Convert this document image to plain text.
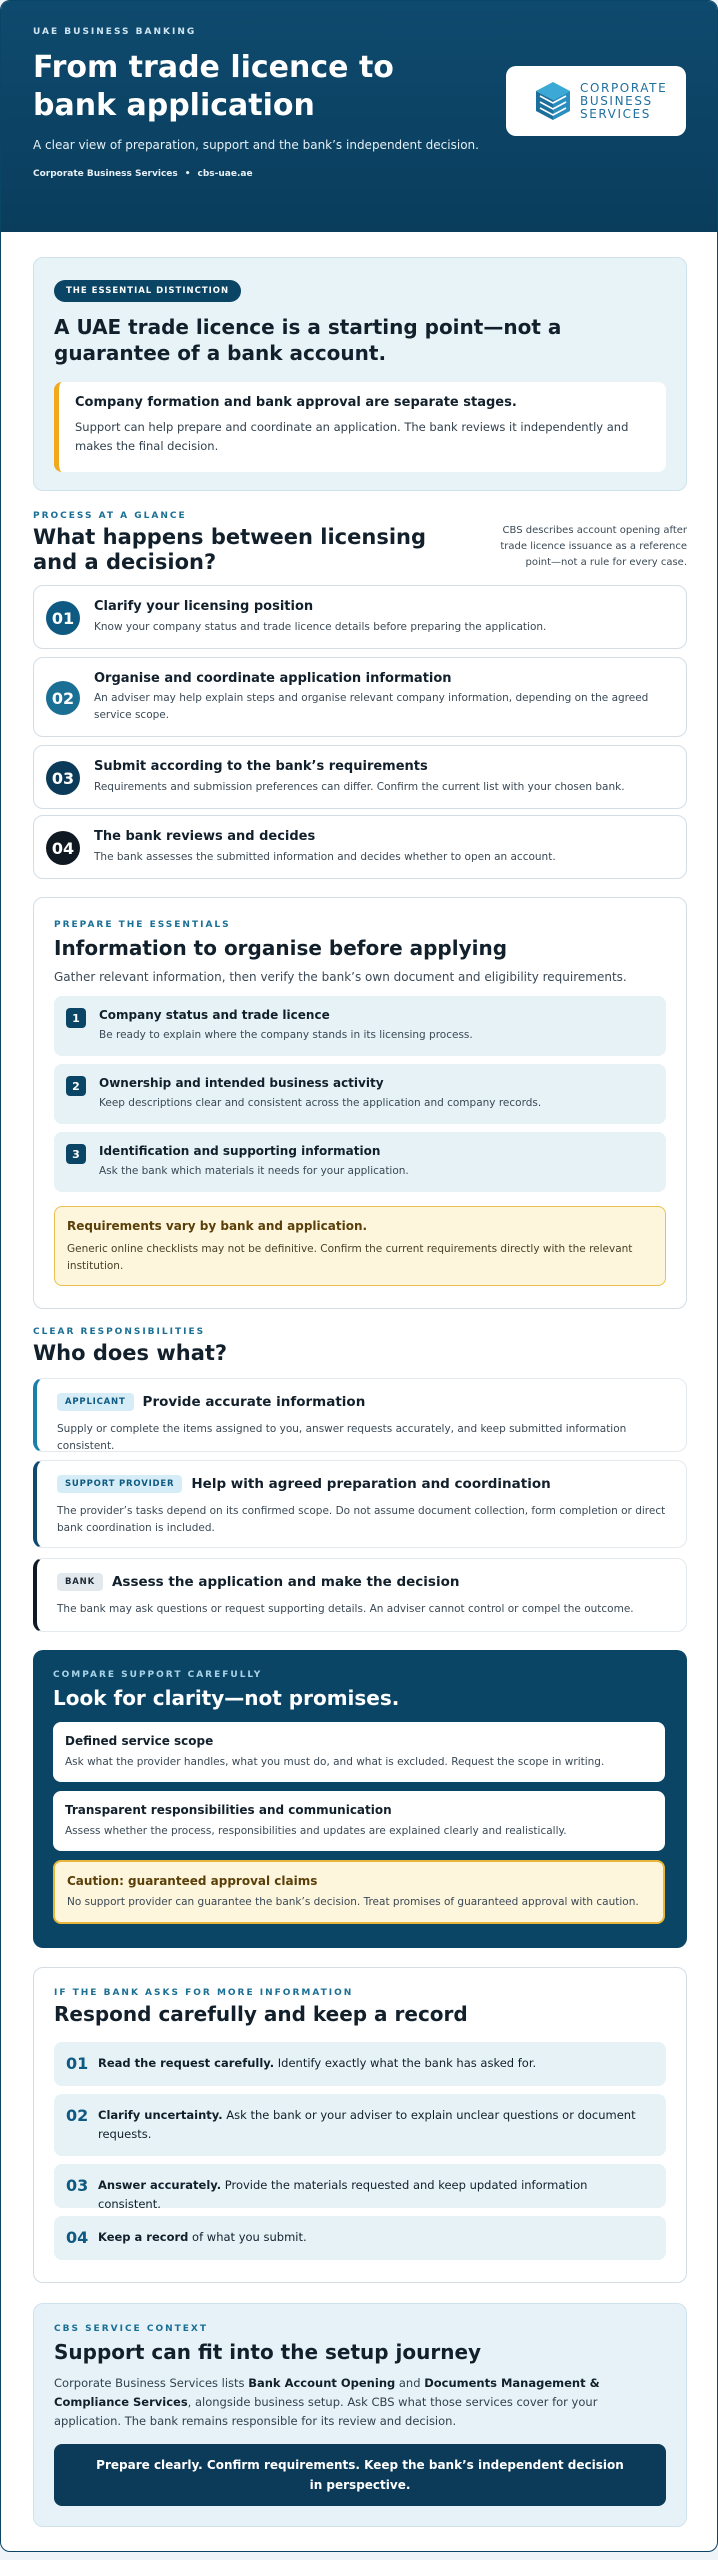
UAE BUSINESS BANKING
From trade licence to bank application
A clear view of preparation, support and the bank’s independent decision.
Corporate Business Services • cbs-uae.ae
CORPORATE
BUSINESS
SERVICES
THE ESSENTIAL DISTINCTION
A UAE trade licence is a starting point—not a guarantee of a bank account.
Company formation and bank approval are separate stages.
Support can help prepare and coordinate an application. The bank reviews it independently and makes the final decision.
PROCESS AT A GLANCE
What happens between licensing and a decision?
CBS describes account opening after trade licence issuance as a reference point—not a rule for every case.
01
Clarify your licensing position
Know your company status and trade licence details before preparing the application.
02
Organise and coordinate application information
An adviser may help explain steps and organise relevant company information, depending on the agreed service scope.
03
Submit according to the bank’s requirements
Requirements and submission preferences can differ. Confirm the current list with your chosen bank.
04
The bank reviews and decides
The bank assesses the submitted information and decides whether to open an account.
PREPARE THE ESSENTIALS
Information to organise before applying
Gather relevant information, then verify the bank’s own document and eligibility requirements.
1	Company status and trade licence
Be ready to explain where the company stands in its licensing process.
2	Ownership and intended business activity
Keep descriptions clear and consistent across the application and company records.
3	Identification and supporting information
Ask the bank which materials it needs for your application.
Requirements vary by bank and application.
Generic online checklists may not be definitive. Confirm the current requirements directly with the relevant institution.
CLEAR RESPONSIBILITIES
Who does what?
APPLICANT	Provide accurate information
Supply or complete the items assigned to you, answer requests accurately, and keep submitted information consistent.
SUPPORT PROVIDER	Help with agreed preparation and coordination
The provider’s tasks depend on its confirmed scope. Do not assume document collection, form completion or direct bank coordination is included.
BANK	Assess the application and make the decision
The bank may ask questions or request supporting details. An adviser cannot control or compel the outcome.
COMPARE SUPPORT CAREFULLY
Look for clarity—not promises.
Defined service scope
Ask what the provider handles, what you must do, and what is excluded. Request the scope in writing.
Transparent responsibilities and communication
Assess whether the process, responsibilities and updates are explained clearly and realistically.
Caution: guaranteed approval claims
No support provider can guarantee the bank’s decision. Treat promises of guaranteed approval with caution.
IF THE BANK ASKS FOR MORE INFORMATION
Respond carefully and keep a record
01 Read the request carefully. Identify exactly what the bank has asked for.
02 Clarify uncertainty. Ask the bank or your adviser to explain unclear questions or document requests.
03 Answer accurately. Provide the materials requested and keep updated information consistent.
04 Keep a record of what you submit.
CBS SERVICE CONTEXT
Support can fit into the setup journey
Corporate Business Services lists Bank Account Opening and Documents Management & Compliance Services, alongside business setup. Ask CBS what those services cover for your application. The bank remains responsible for its review and decision.
Prepare clearly. Confirm requirements. Keep the bank’s independent decision in perspective.
